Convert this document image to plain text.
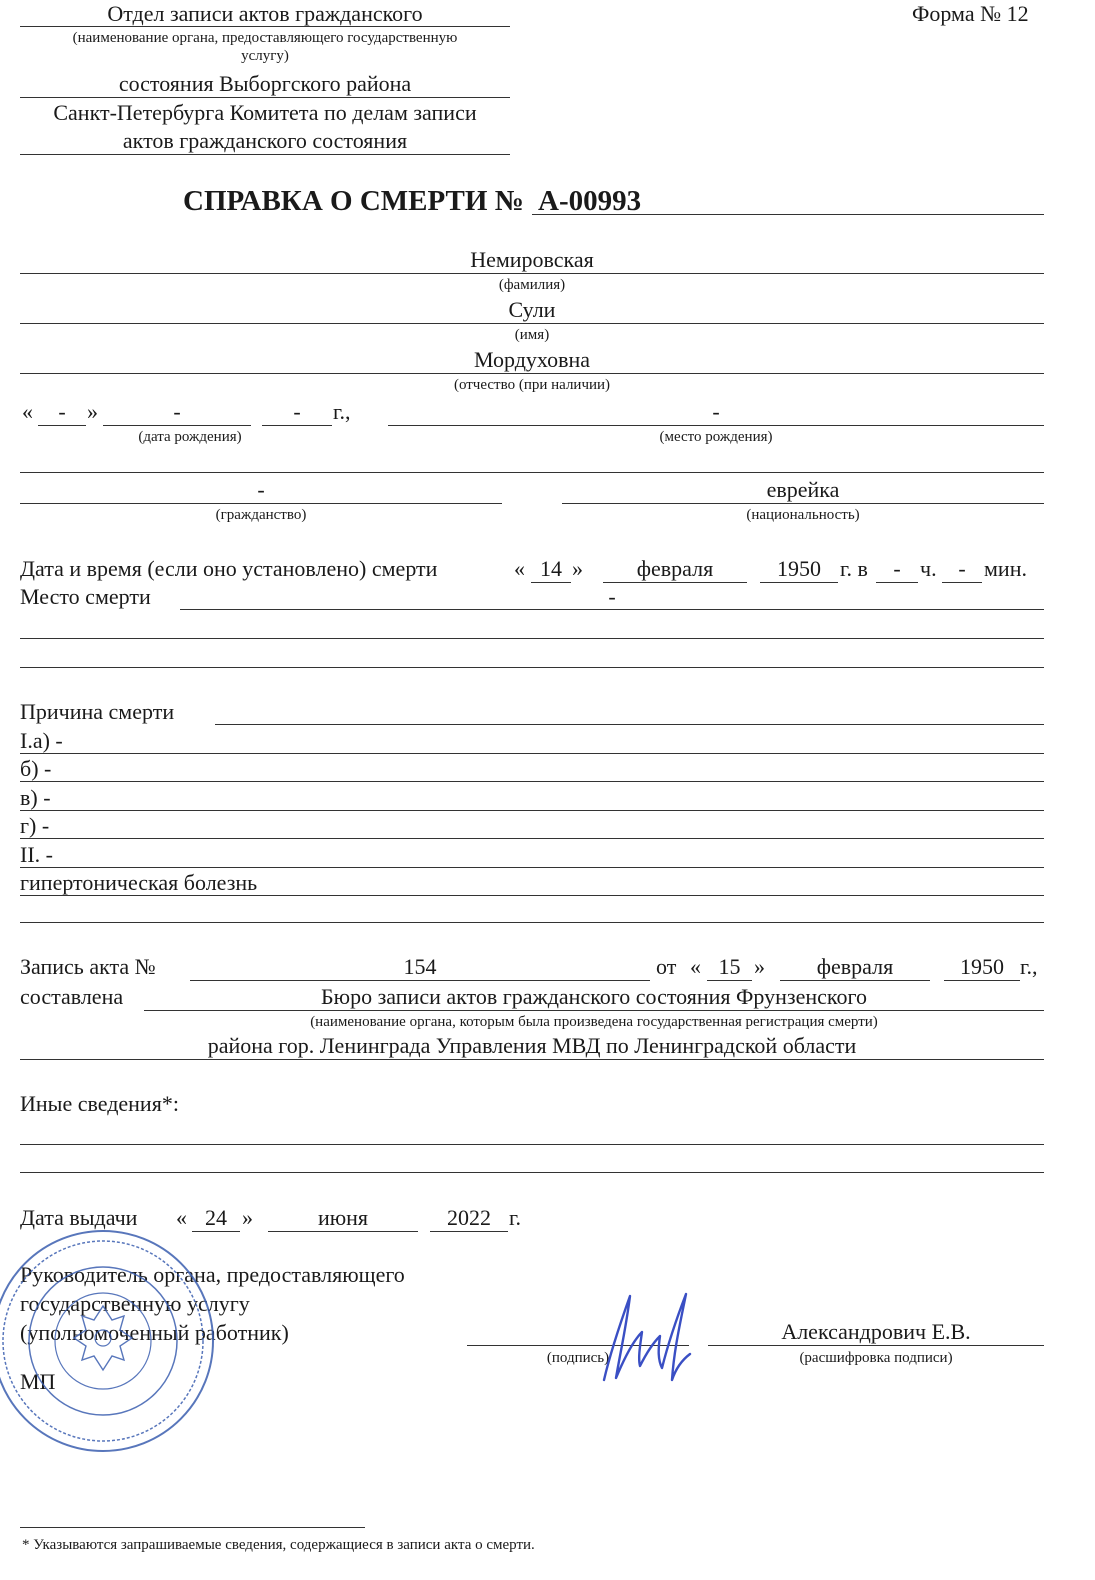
Отдел записи актов гражданского
(наименование органа, предоставляющего государственную
услугу)
состояния Выборгского района
Санкт-Петербурга Комитета по делам записи
актов гражданского состояния
Форма № 12
СПРАВКА О СМЕРТИ № А-00993
Немировская
(фамилия)
Сули
(имя)
Мордуховна
(отчество (при наличии)
«	- »	-	-	г.,
(дата рождения)
-
(место рождения)
-
(гражданство)
еврейка
(национальность)
Дата и время (если оно установлено) смерти	« 14 »	февраля	1950 г. в	- ч. - мин.
Место смерти	-
Причина смерти
I.а) -
б) -
в) -
г) -
II. -
гипертоническая болезнь
Запись акта №	154	от « 15 »	февраля	1950 г.,
составлена	Бюро записи актов гражданского состояния Фрунзенского
(наименование органа, которым была произведена государственная регистрация смерти)
района гор. Ленинграда Управления МВД по Ленинградской области
Иные сведения*:
Дата выдачи « 24 »	июня	2022 г.
Руководитель органа, предоставляющего
государственную услугу
(уполномоченный работник)
МП
(подпись)
Александрович Е.В.
(расшифровка подписи)
* Указываются запрашиваемые сведения, содержащиеся в записи акта о смерти.
